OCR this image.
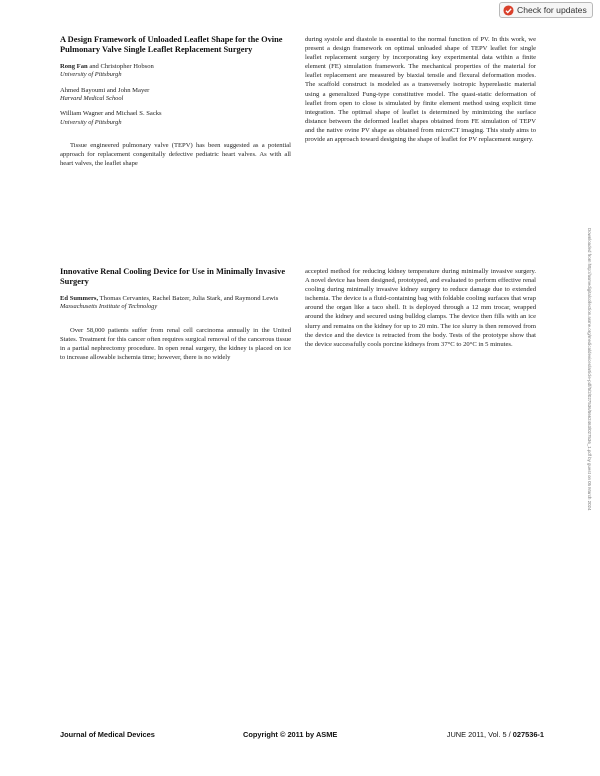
Check for updates
A Design Framework of Unloaded Leaflet Shape for the Ovine Pulmonary Valve Single Leaflet Replacement Surgery
Rong Fan and Christopher Hobson
University of Pittsburgh
Ahmed Bayoumi and John Mayer
Harvard Medical School
William Wagner and Michael S. Sacks
University of Pittsburgh

Tissue engineered pulmonary valve (TEPV) has been suggested as a potential approach for replacement congenitally defective pediatric heart valves. As with all heart valves, the leaflet shape

during systole and diastole is essential to the normal function of PV. In this work, we present a design framework on optimal unloaded shape of TEPV leaflet for single leaflet replacement surgery by incorporating key experimental data within a finite element (FE) simulation framework. The mechanical properties of the material for leaflet replacement are measured by biaxial tensile and flexural deformation modes. The scaffold construct is modeled as a transversely isotropic hyperelastic material using a generalized Fung-type constitutive model. The quasi-static deformation of leaflet from open to close is simulated by finite element method using explicit time integration. The optimal shape of leaflet is determined by minimizing the surface distance between the deformed leaflet shapes obtained from FE simulation of TEPV and the native ovine PV shape as obtained from microCT imaging. This study aims to provide an approach toward designing the shape of leaflet for PV replacement surgery.

Innovative Renal Cooling Device for Use in Minimally Invasive Surgery
Ed Summers, Thomas Cervantes, Rachel Batzer, Julia Stark, and Raymond Lewis
Massachusetts Institute of Technology

Over 58,000 patients suffer from renal cell carcinoma annually in the United States. Treatment for this cancer often requires surgical removal of the cancerous tissue in a partial nephrectomy procedure. In open renal surgery, the kidney is placed on ice to increase allowable ischemia time; however, there is no widely

accepted method for reducing kidney temperature during minimally invasive surgery. A novel device has been designed, prototyped, and evaluated to perform effective renal cooling during minimally invasive kidney surgery to reduce damage due to extended ischemia. The device is a fluid-containing bag with foldable cooling surfaces that wrap around the organ like a taco shell. It is deployed through a 12 mm trocar, wrapped around the kidney and secured using bulldog clamps. The device then fills with an ice slurry and remains on the kidney for up to 20 min. The ice slurry is then removed from the device and the device is retracted from the body. Tests of the prototype show that the device successfully cools porcine kidneys from 37°C to 20°C in 5 minutes.	Downloaded from http://asmedigitalcollection.asme.org/medicaldevices/article-pdf/5/2/027536/5662463/027536_1.pdf by guest on 05 March 2024
Journal of Medical Devices	Copyright © 2011 by ASME	JUNE 2011, Vol. 5 / 027536-1
